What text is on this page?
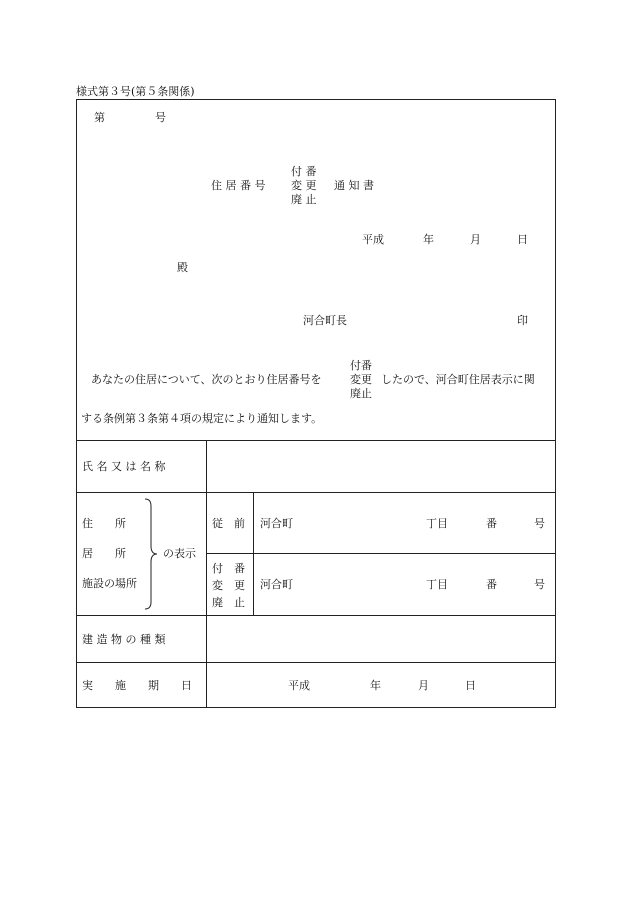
様式第３号(第５条関係)
第	号
住 居 番 号
付 番
変 更
廃 止
通 知 書
平成	年	月	日
殿
河合町長	印
あなたの住居について、次のとおり住居番号を
付番
変更
廃止
したので、河合町住居表示に関
する条例第３条第４項の規定により通知します。
氏 名 又 は 名 称
住　　所
居　　所
施設の場所
の表示
従　前 河合町	丁目	番	号
付　番
変　更
廃　止
河合町	丁目	番	号
建 造 物 の 種 類
実　　施　　期　　日	平成	年	月	日
